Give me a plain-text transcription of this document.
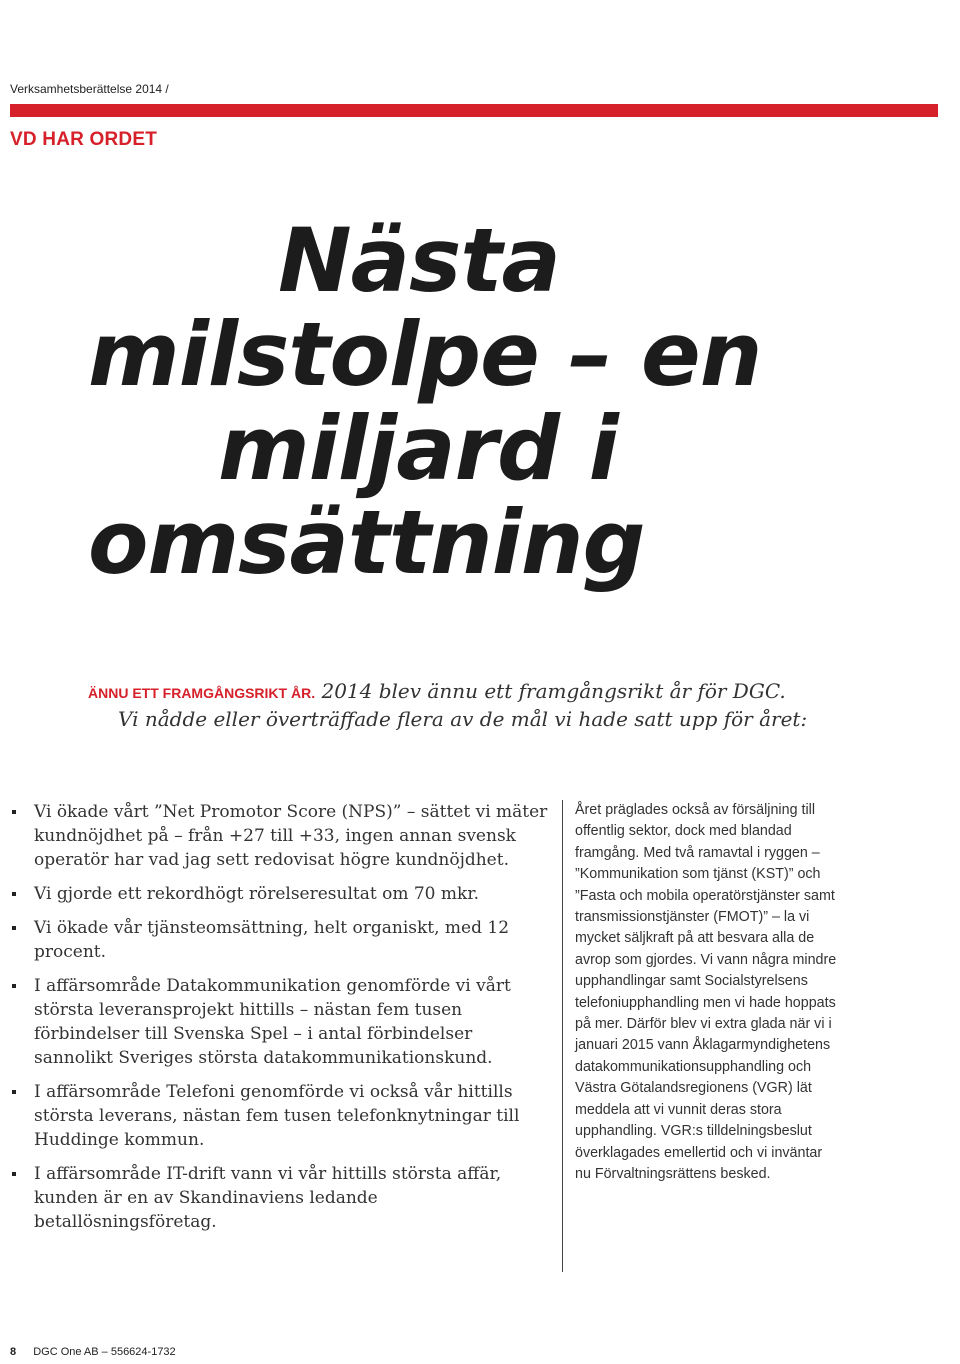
Verksamhetsberättelse 2014 /
VD HAR ORDET
Nästa
milstolpe – en
miljard i
omsättning
ÄNNU ETT FRAMGÅNGSRIKT ÅR. 2014 blev ännu ett framgångsrikt år för DGC.
Vi nådde eller överträffade flera av de mål vi hade satt upp för året:
Vi ökade vårt ”Net Promotor Score (NPS)” – sättet vi mäter kundnöjdhet på – från +27 till +33, ingen annan svensk operatör har vad jag sett redovisat högre kundnöjdhet.
Vi gjorde ett rekordhögt rörelseresultat om 70 mkr.
Vi ökade vår tjänsteomsättning, helt organiskt, med 12 procent.
I affärsområde Datakommunikation genomförde vi vårt största leveransprojekt hittills – nästan fem tusen förbindelser till Svenska Spel – i antal förbindelser sannolikt Sveriges största datakommunikationskund.
I affärsområde Telefoni genomförde vi också vår hittills största leverans, nästan fem tusen telefonknytningar till Huddinge kommun.
I affärsområde IT-drift vann vi vår hittills största affär, kunden är en av Skandinaviens ledande betallösningsföretag.
Året präglades också av försäljning till offentlig sektor, dock med blandad framgång. Med två ramavtal i ryggen – ”Kommunikation som tjänst (KST)” och ”Fasta och mobila operatörstjänster samt transmissionstjänster (FMOT)” – la vi mycket säljkraft på att besvara alla de avrop som gjordes. Vi vann några mindre upphandlingar samt Socialstyrelsens telefoniupphandling men vi hade hoppats på mer. Därför blev vi extra glada när vi i januari 2015 vann Åklagarmyndighetens datakommunikationsupphandling och Västra Götalandsregionens (VGR) lät meddela att vi vunnit deras stora upphandling. VGR:s tilldelningsbeslut överklagades emellertid och vi inväntar nu Förvaltningsrättens besked.
8 DGC One AB – 556624-1732
